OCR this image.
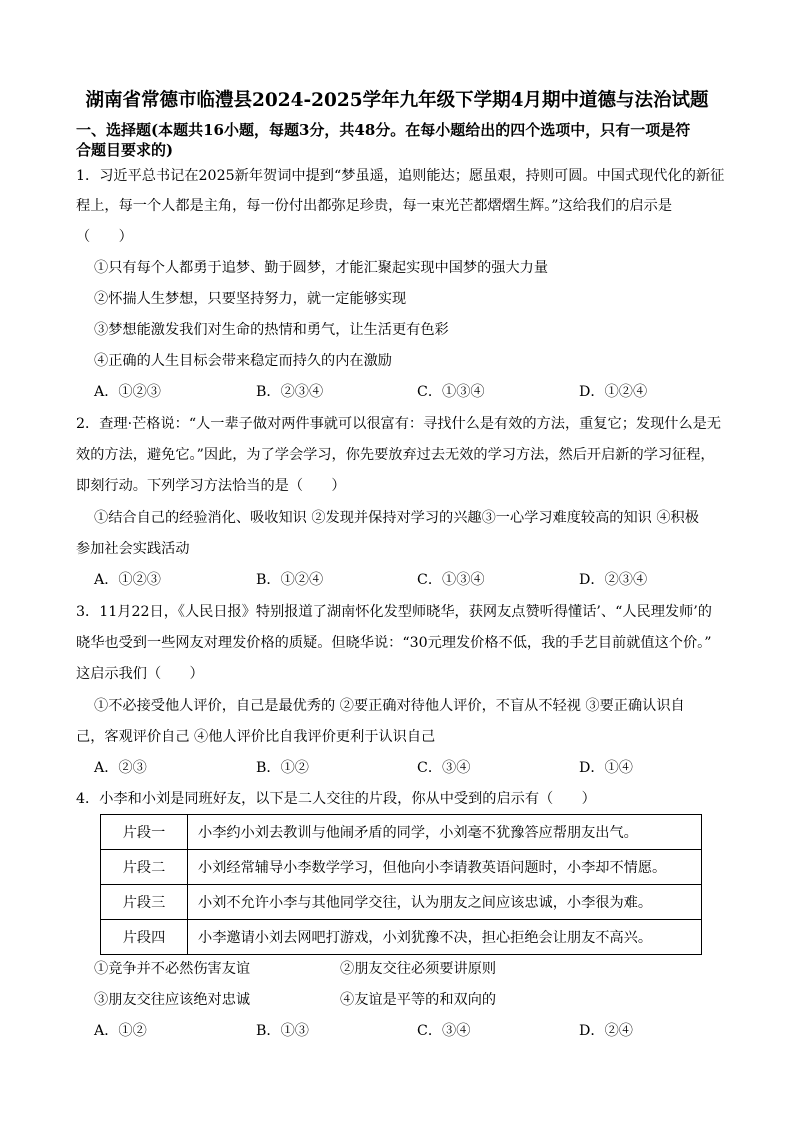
湖南省常德市临澧县2024-2025学年九年级下学期4月期中道德与法治试题
一、选择题(本题共16小题，每题3分，共48分。在每小题给出的四个选项中，只有一项是符
合题目要求的)
1．习近平总书记在2025新年贺词中提到“梦虽遥，追则能达；愿虽艰，持则可圆。中国式现代化的新征
程上，每一个人都是主角，每一份付出都弥足珍贵，每一束光芒都熠熠生辉。”这给我们的启示是
（　　）
①只有每个人都勇于追梦、勤于圆梦，才能汇聚起实现中国梦的强大力量
②怀揣人生梦想，只要坚持努力，就一定能够实现
③梦想能激发我们对生命的热情和勇气，让生活更有色彩
④正确的人生目标会带来稳定而持久的内在激励
A．①②③	B．②③④	C．①③④	D．①②④
2．查理·芒格说：“人一辈子做对两件事就可以很富有：寻找什么是有效的方法，重复它；发现什么是无
效的方法，避免它。”因此，为了学会学习，你先要放弃过去无效的学习方法，然后开启新的学习征程，
即刻行动。下列学习方法恰当的是（　　）
①结合自己的经验消化、吸收知识 ②发现并保持对学习的兴趣③一心学习难度较高的知识 ④积极
参加社会实践活动
A．①②③	B．①②④	C．①③④	D．②③④
3．11月22日，《人民日报》特别报道了湖南怀化发型师晓华，获网友点赞听得懂话’、“人民理发师’的
晓华也受到一些网友对理发价格的质疑。但晓华说：“30元理发价格不低，我的手艺目前就值这个价。”
这启示我们（　　）
①不必接受他人评价，自己是最优秀的 ②要正确对待他人评价，不盲从不轻视 ③要正确认识自
己，客观评价自己 ④他人评价比自我评价更利于认识自己
A．②③	B．①②	C．③④	D．①④
4．小李和小刘是同班好友，以下是二人交往的片段，你从中受到的启示有（　　）
片段一	小李约小刘去教训与他闹矛盾的同学，小刘毫不犹豫答应帮朋友出气。
片段二	小刘经常辅导小李数学学习，但他向小李请教英语问题时，小李却不情愿。
片段三	小刘不允许小李与其他同学交往，认为朋友之间应该忠诚，小李很为难。
片段四	小李邀请小刘去网吧打游戏，小刘犹豫不决，担心拒绝会让朋友不高兴。
①竞争并不必然伤害友谊	②朋友交往必须要讲原则
③朋友交往应该绝对忠诚	④友谊是平等的和双向的
A．①②	B．①③	C．③④	D．②④
